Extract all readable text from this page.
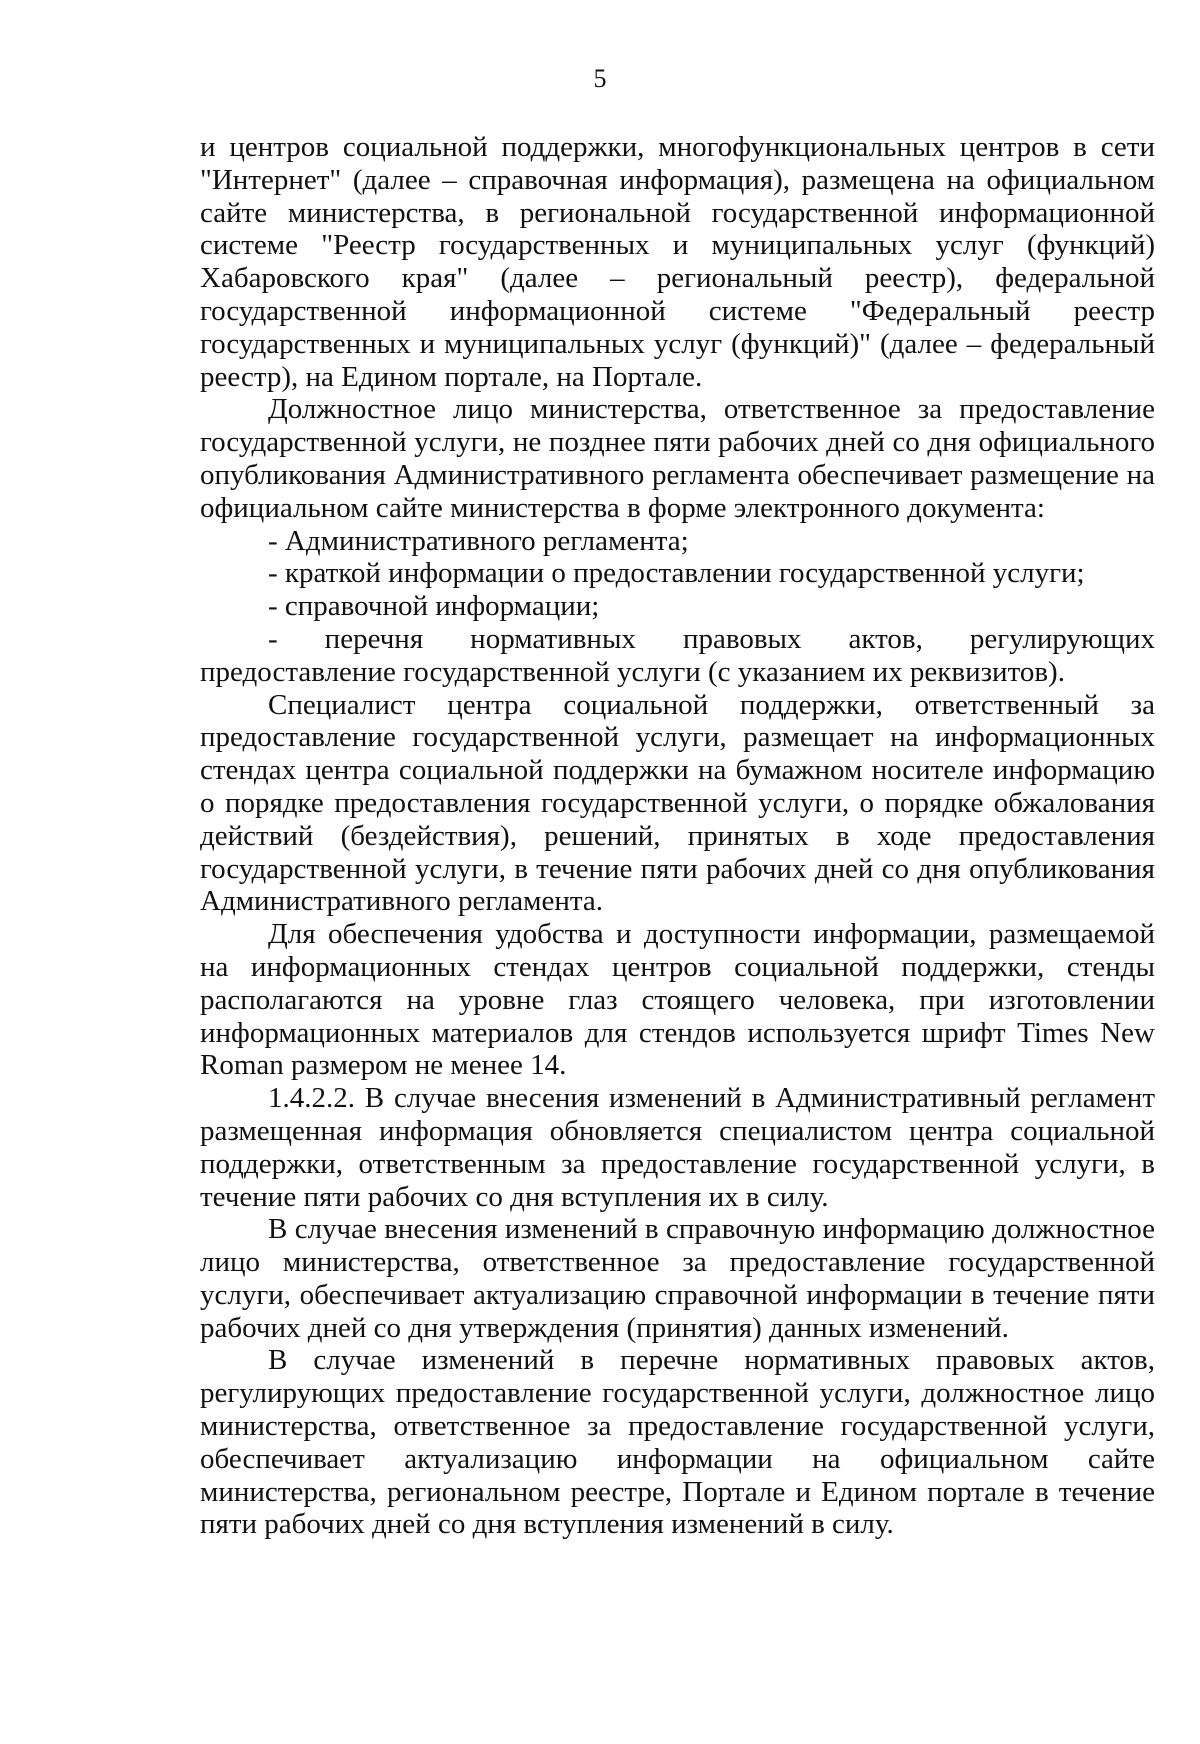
5

и центров социальной поддержки, многофункциональных центров в сети "Интернет" (далее – справочная информация), размещена на официальном сайте министерства, в региональной государственной информационной системе "Реестр государственных и муниципальных услуг (функций) Хабаровского края" (далее – региональный реестр), федеральной государственной информационной системе "Федеральный реестр государственных и муниципальных услуг (функций)" (далее – федеральный реестр), на Едином портале, на Портале.

Должностное лицо министерства, ответственное за предоставление государственной услуги, не позднее пяти рабочих дней со дня официального опубликования Административного регламента обеспечивает размещение на официальном сайте министерства в форме электронного документа:

- Административного регламента;

- краткой информации о предоставлении государственной услуги;

- справочной информации;

- перечня нормативных правовых актов, регулирующих предоставление государственной услуги (с указанием их реквизитов).

Специалист центра социальной поддержки, ответственный за предоставление государственной услуги, размещает на информационных стендах центра социальной поддержки на бумажном носителе информацию о порядке предоставления государственной услуги, о порядке обжалования действий (бездействия), решений, принятых в ходе предоставления государственной услуги, в течение пяти рабочих дней со дня опубликования Административного регламента.

Для обеспечения удобства и доступности информации, размещаемой на информационных стендах центров социальной поддержки, стенды располагаются на уровне глаз стоящего человека, при изготовлении информационных материалов для стендов используется шрифт Times New Roman размером не менее 14.

1.4.2.2. В случае внесения изменений в Административный регламент размещенная информация обновляется специалистом центра социальной поддержки, ответственным за предоставление государственной услуги, в течение пяти рабочих со дня вступления их в силу.

В случае внесения изменений в справочную информацию должностное лицо министерства, ответственное за предоставление государственной услуги, обеспечивает актуализацию справочной информации в течение пяти рабочих дней со дня утверждения (принятия) данных изменений.

В случае изменений в перечне нормативных правовых актов, регулирующих предоставление государственной услуги, должностное лицо министерства, ответственное за предоставление государственной услуги, обеспечивает актуализацию информации на официальном сайте министерства, региональном реестре, Портале и Едином портале в течение пяти рабочих дней со дня вступления изменений в силу.
